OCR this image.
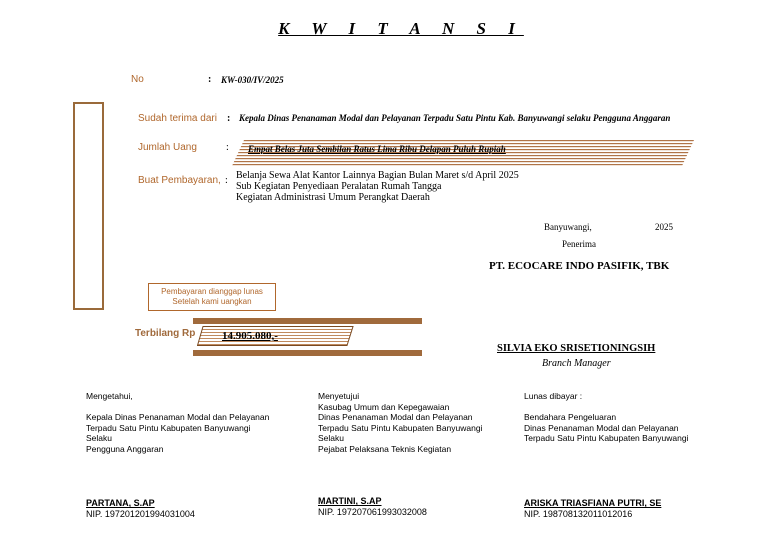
K W I T A N S I
No	: KW-030/IV/2025
Sudah terima dari : Kepala Dinas Penanaman Modal dan Pelayanan Terpadu Satu Pintu Kab. Banyuwangi selaku Pengguna Anggaran
Jumlah Uang	: Empat Belas Juta Sembilan Ratus Lima Ribu Delapan Puluh Rupiah
Buat Pembayaran, : Belanja Sewa Alat Kantor Lainnya Bagian Bulan Maret s/d April 2025
Sub Kegiatan Penyediaan Peralatan Rumah Tangga
Kegiatan Administrasi Umum Perangkat Daerah
Banyuwangi,	2025
Penerima
PT. ECOCARE INDO PASIFIK, TBK
Pembayaran dianggap lunas
Setelah kami uangkan
Terbilang Rp 14.905.080,-
SILVIA EKO SRISETIONINGSIH
Branch Manager
Mengetahui,
Kepala Dinas Penanaman Modal dan Pelayanan
Terpadu Satu Pintu Kabupaten Banyuwangi
Selaku
Pengguna Anggaran
PARTANA, S.AP
NIP. 197201201994031004
Menyetujui
Kasubag Umum dan Kepegawaian
Dinas Penanaman Modal dan Pelayanan
Terpadu Satu Pintu Kabupaten Banyuwangi
Selaku
Pejabat Pelaksana Teknis Kegiatan
MARTINI, S.AP
NIP. 197207061993032008
Lunas dibayar :
Bendahara Pengeluaran
Dinas Penanaman Modal dan Pelayanan
Terpadu Satu Pintu Kabupaten Banyuwangi
ARISKA TRIASFIANA PUTRI, SE
NIP. 198708132011012016
